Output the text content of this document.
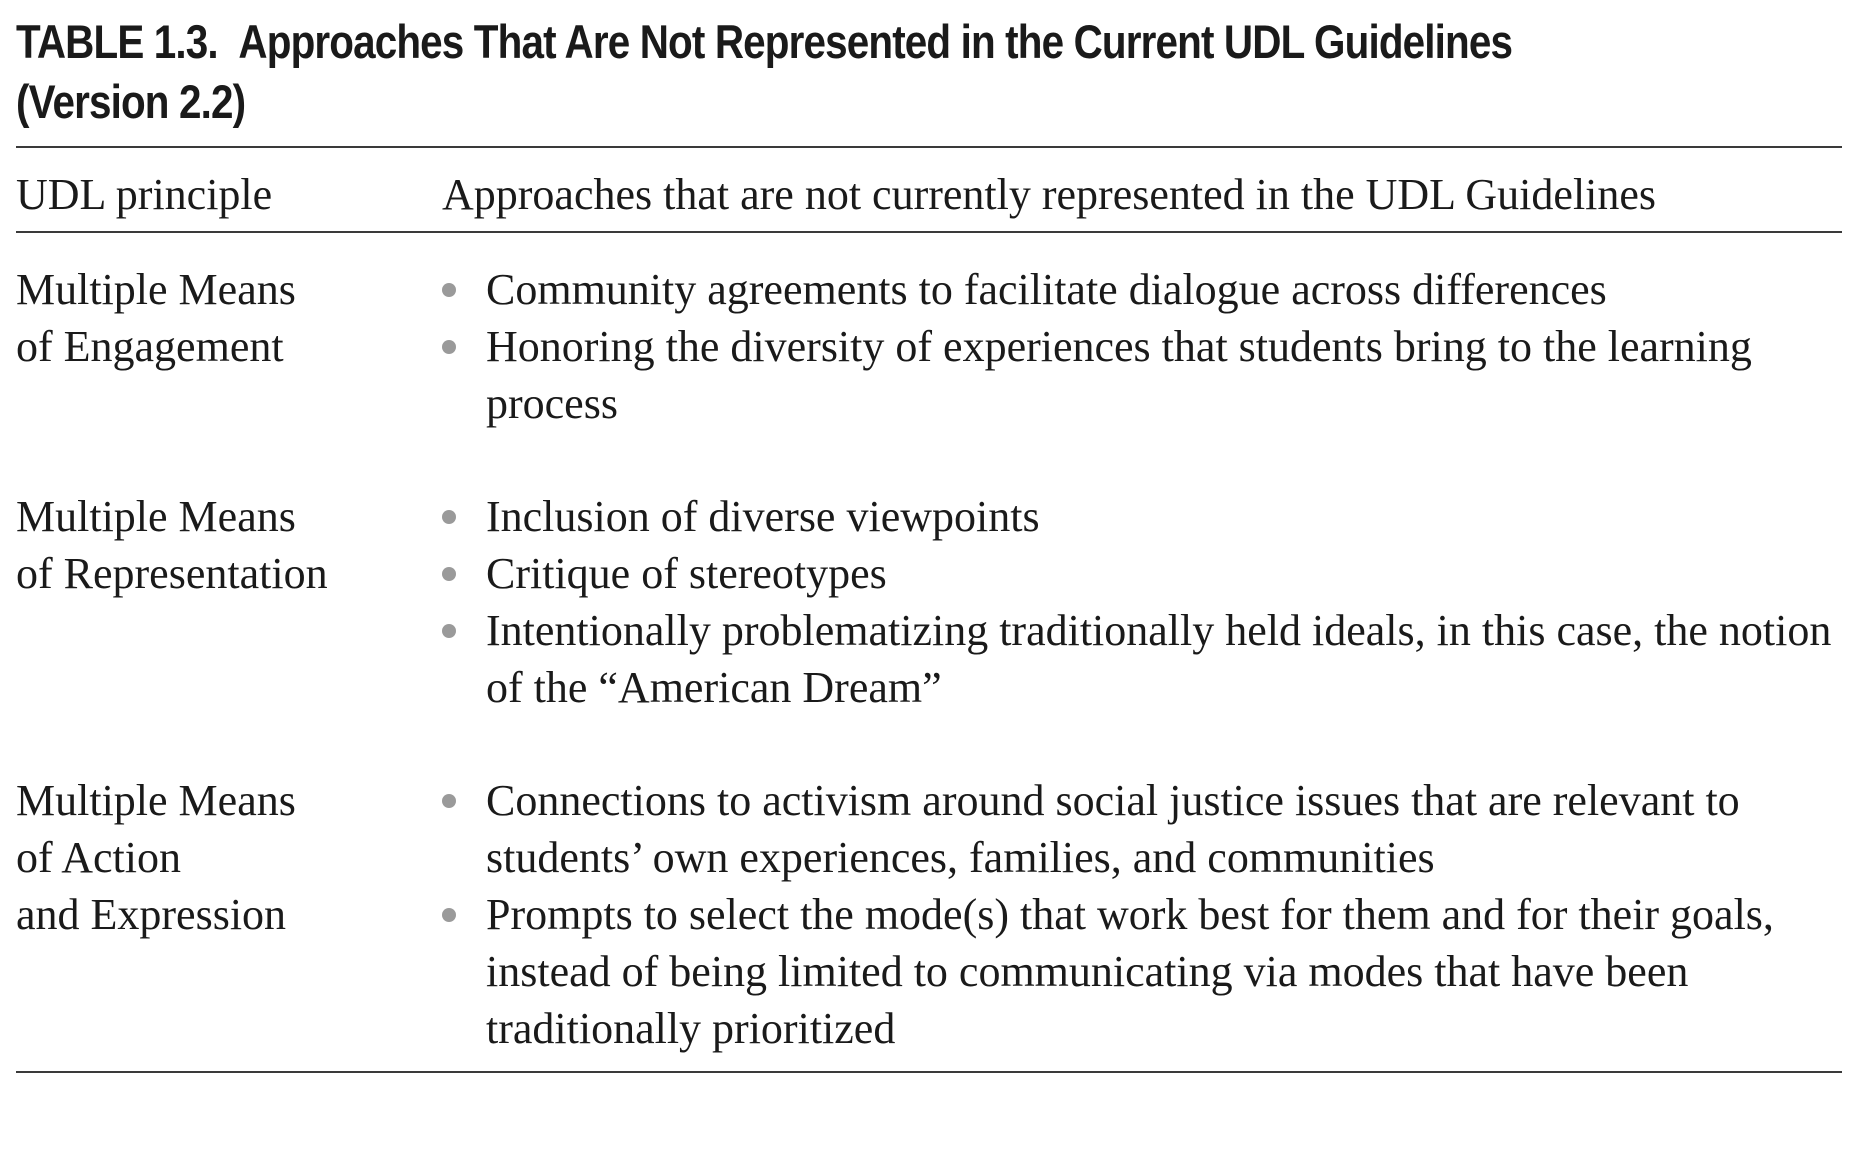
TABLE 1.3. Approaches That Are Not Represented in the Current UDL Guidelines (Version 2.2)
UDL principle	Approaches that are not currently represented in the UDL Guidelines
Multiple Means
of Engagement
Community agreements to facilitate dialogue across differences
Honoring the diversity of experiences that students bring to the learning process
Multiple Means
of Representation
Inclusion of diverse viewpoints
Critique of stereotypes
Intentionally problematizing traditionally held ideals, in this case, the notion of the “American Dream”
Multiple Means
of Action
and Expression
Connections to activism around social justice issues that are relevant to students’ own experiences, families, and communities
Prompts to select the mode(s) that work best for them and for their goals, instead of being limited to communicating via modes that have been traditionally prioritized
